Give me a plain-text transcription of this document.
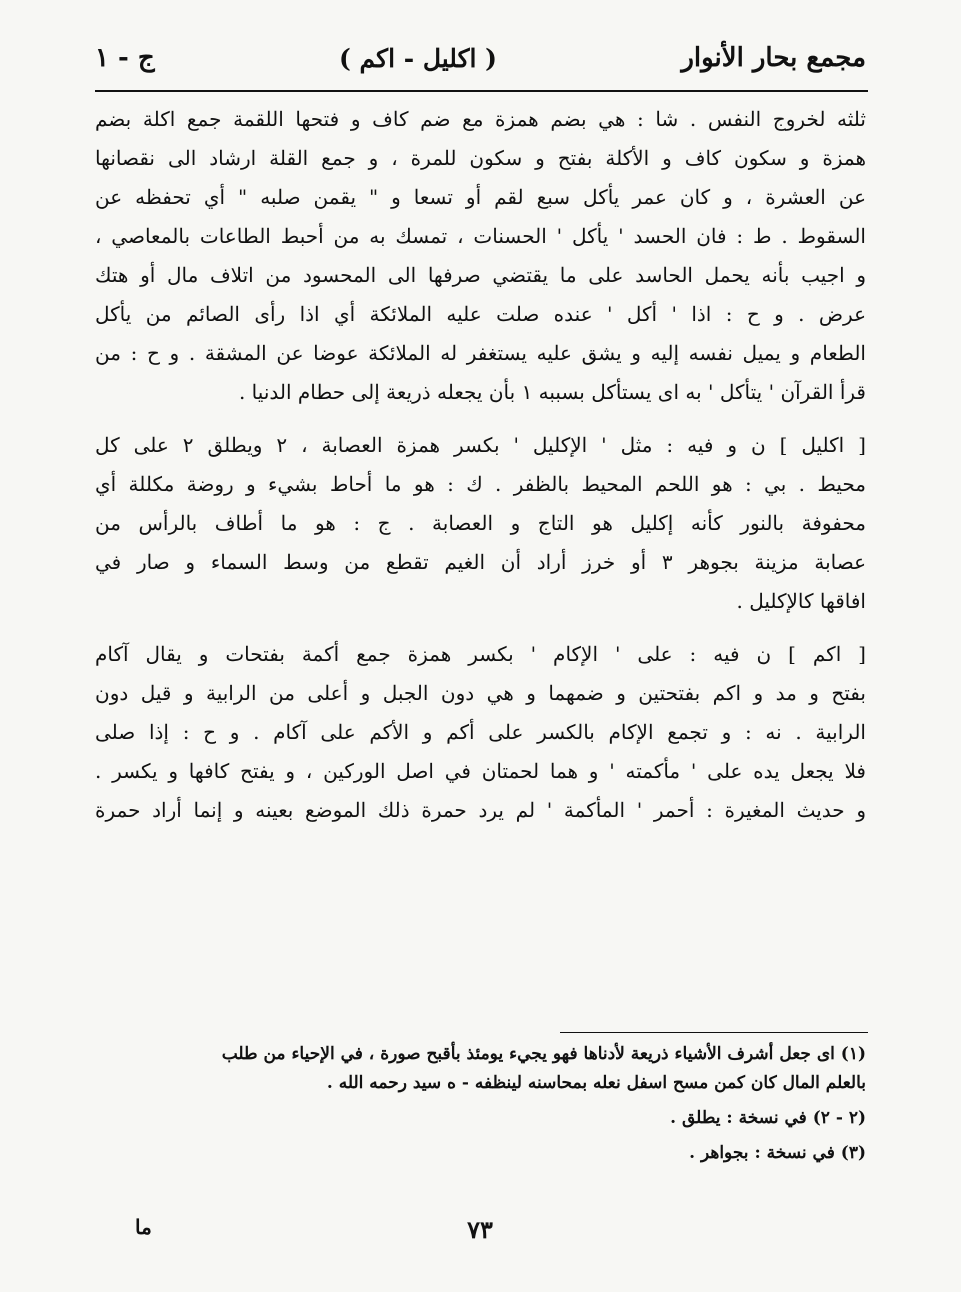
مجمع بحار الأنوار
( اكليل - اكم )
ج - ١

ثلثه لخروج النفس . شا : هي بضم همزة مع ضم كاف و فتحها اللقمة جمع اكلة بضم

همزة و سكون كاف و الأكلة بفتح و سكون للمرة ، و جمع القلة ارشاد الى نقصانها

عن العشرة ، و كان عمر يأكل سبع لقم أو تسعا و " يقمن صلبه " أي تحفظه عن

السقوط . ط : فان الحسد ' يأكل ' الحسنات ، تمسك به من أحبط الطاعات بالمعاصي ،

و اجيب بأنه يحمل الحاسد على ما يقتضي صرفها الى المحسود من اتلاف مال أو هتك

عرض . و ح : اذا ' أكل ' عنده صلت عليه الملائكة أي اذا رأى الصائم من يأكل

الطعام و يميل نفسه إليه و يشق عليه يستغفر له الملائكة عوضا عن المشقة . و ح : من

قرأ القرآن ' يتأكل ' به اى يستأكل بسببه ١ بأن يجعله ذريعة إلى حطام الدنيا .

[ اكليل ] ن و فيه : مثل ' الإكليل ' بكسر همزة العصابة ، ٢ ويطلق ٢ على كل

محيط . بي : هو اللحم المحيط بالظفر . ك : هو ما أحاط بشيء و روضة مكللة أي

محفوفة بالنور كأنه إكليل هو التاج و العصابة . ج : هو ما أطاف بالرأس من

عصابة مزينة بجوهر ٣ أو خرز أراد أن الغيم تقطع من وسط السماء و صار في

افاقها كالإكليل .

[ اكم ] ن فيه : على ' الإكام ' بكسر همزة جمع أكمة بفتحات و يقال آكام

بفتح و مد و اكم بفتحتين و ضمهما و هي دون الجبل و أعلى من الرابية و قيل دون

الرابية . نه : و تجمع الإكام بالكسر على أكم و الأكم على آكام . و ح : إذا صلى

فلا يجعل يده على ' مأكمته ' و هما لحمتان في اصل الوركين ، و يفتح كافها و يكسر .

و حديث المغيرة : أحمر ' المأكمة ' لم يرد حمرة ذلك الموضع بعينه و إنما أراد حمرة

(١) اى جعل أشرف الأشياء ذريعة لأدناها فهو يجيء يومئذ بأقبح صورة ، في الإحياء من طلب
بالعلم المال كان كمن مسح اسفل نعله بمحاسنه لينظفه - ه سيد رحمه الله .

(٢ - ٢) في نسخة : يطلق .

(٣) في نسخة : بجواهر .

٧٣
ما
